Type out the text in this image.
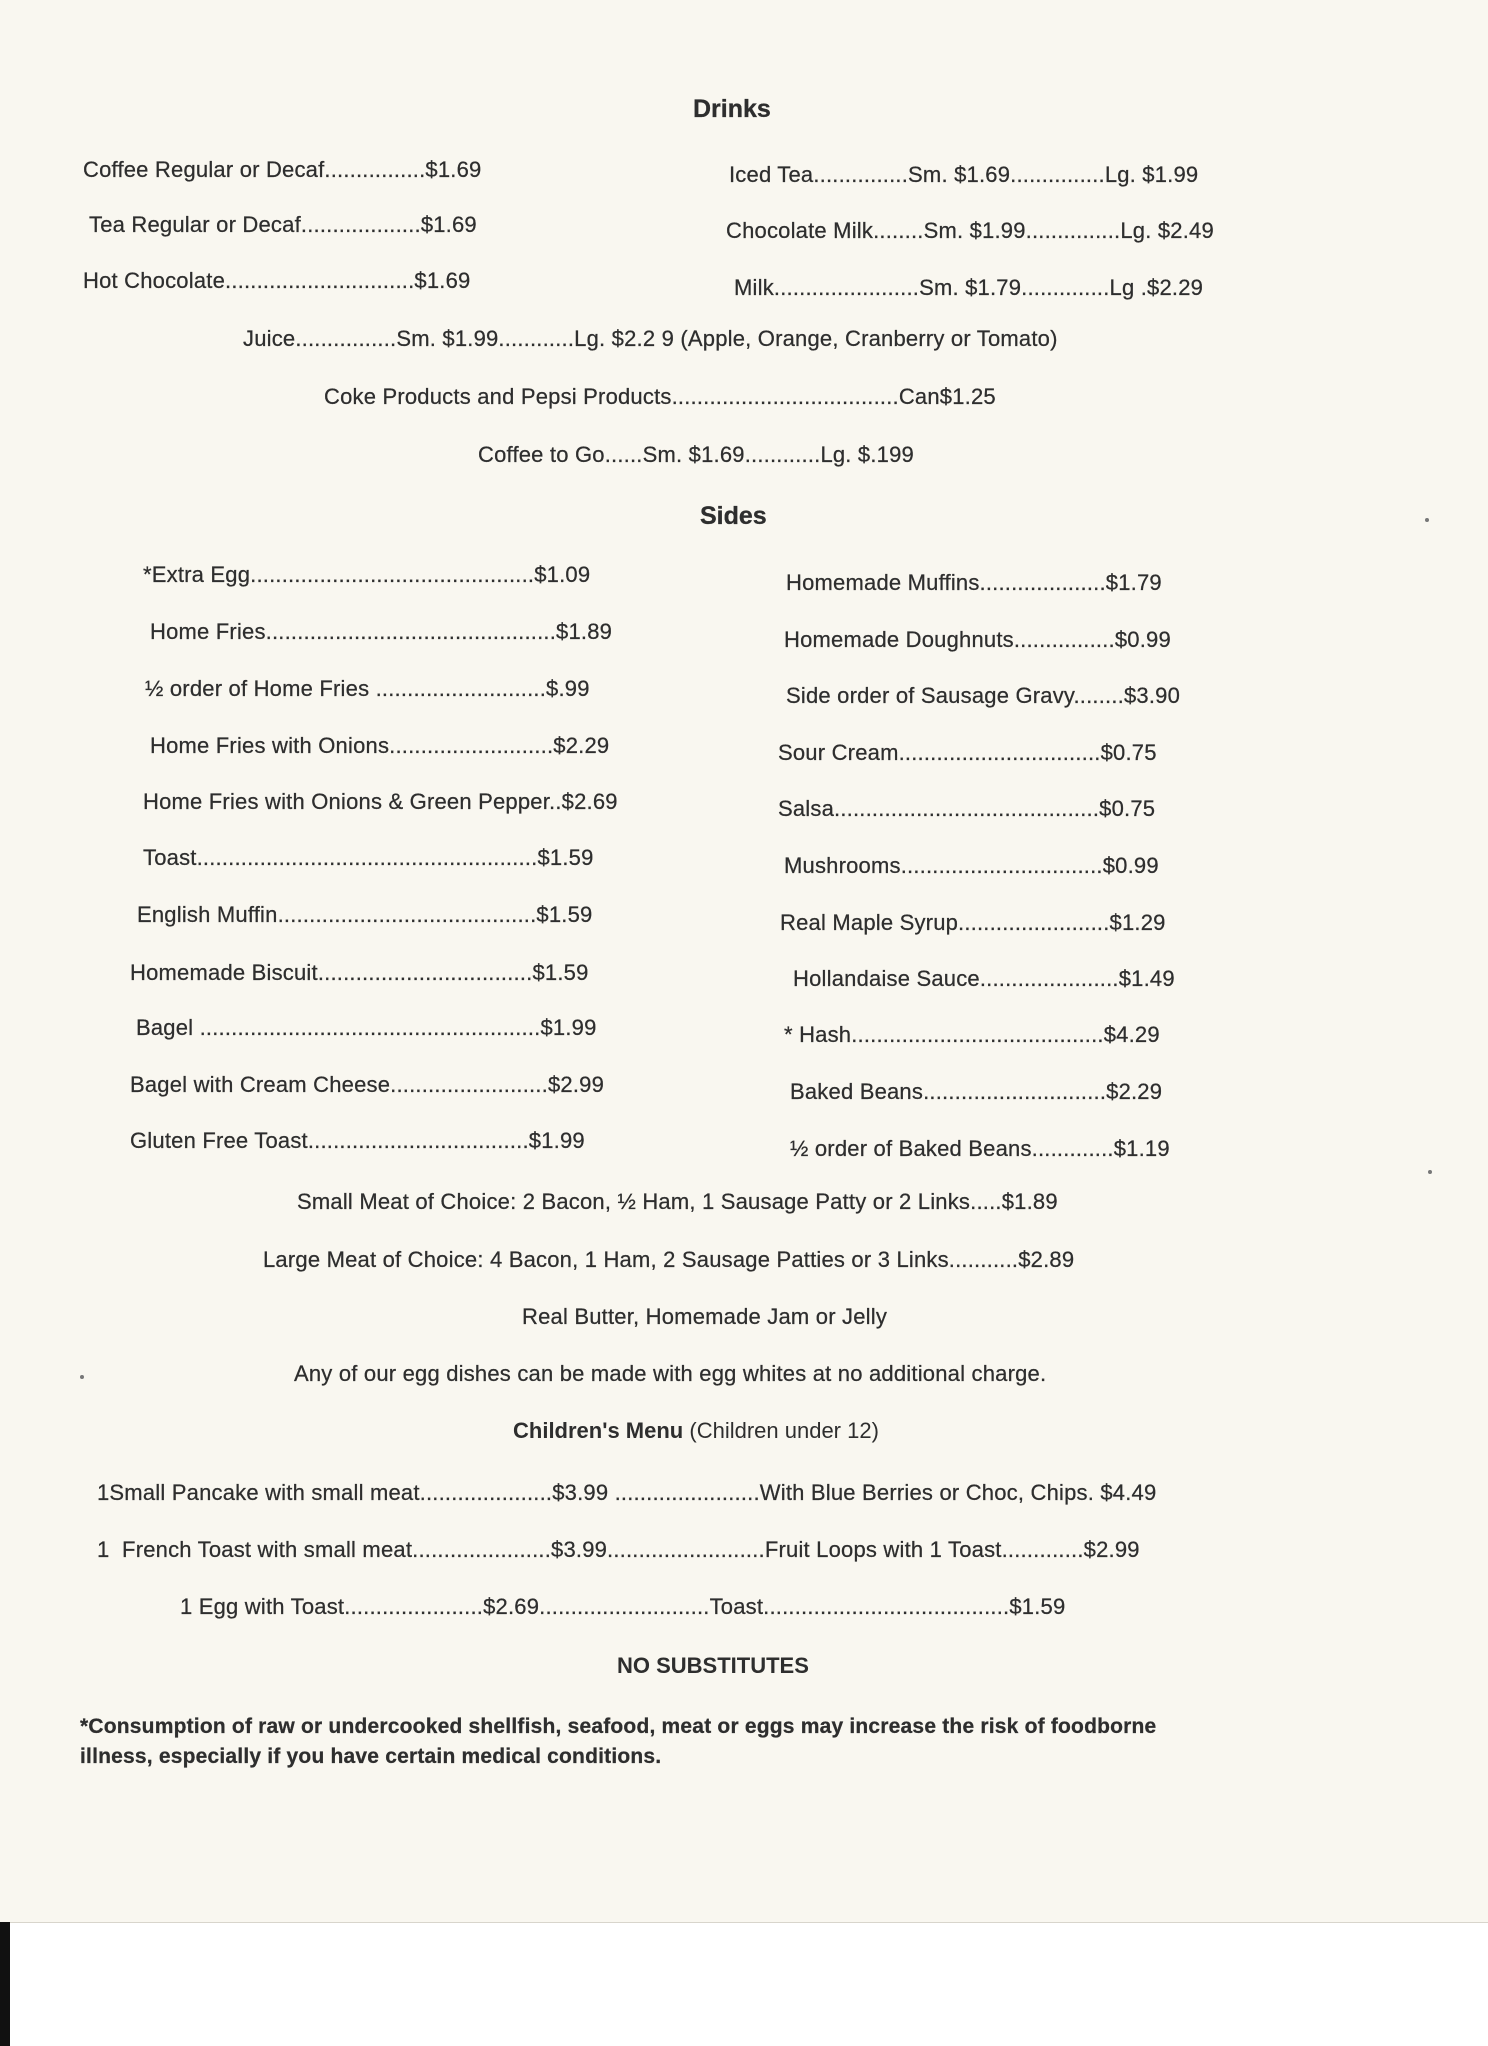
Drinks
Coffee Regular or Decaf................$1.69
Tea Regular or Decaf...................$1.69
Hot Chocolate..............................$1.69
Iced Tea...............Sm. $1.69...............Lg. $1.99
Chocolate Milk........Sm. $1.99...............Lg. $2.49
Milk.......................Sm. $1.79..............Lg .$2.29
Juice................Sm. $1.99............Lg. $2.2 9 (Apple, Orange, Cranberry or Tomato)
Coke Products and Pepsi Products....................................Can$1.25
Coffee to Go......Sm. $1.69............Lg. $.199
Sides
*Extra Egg.............................................$1.09
Home Fries..............................................$1.89
½ order of Home Fries ...........................$.99
Home Fries with Onions..........................$2.29
Home Fries with Onions & Green Pepper..$2.69
Toast......................................................$1.59
English Muffin.........................................$1.59
Homemade Biscuit..................................$1.59
Bagel ......................................................$1.99
Bagel with Cream Cheese.........................$2.99
Gluten Free Toast...................................$1.99
Homemade Muffins....................$1.79
Homemade Doughnuts................$0.99
Side order of Sausage Gravy........$3.90
Sour Cream................................$0.75
Salsa..........................................$0.75
Mushrooms................................$0.99
Real Maple Syrup........................$1.29
Hollandaise Sauce......................$1.49
* Hash........................................$4.29
Baked Beans.............................$2.29
½ order of Baked Beans.............$1.19
Small Meat of Choice: 2 Bacon, ½ Ham, 1 Sausage Patty or 2 Links.....$1.89
Large Meat of Choice: 4 Bacon, 1 Ham, 2 Sausage Patties or 3 Links...........$2.89
Real Butter, Homemade Jam or Jelly
Any of our egg dishes can be made with egg whites at no additional charge.
Children's Menu (Children under 12)
1Small Pancake with small meat.....................$3.99 .......................With Blue Berries or Choc, Chips. $4.49
1  French Toast with small meat......................$3.99.........................Fruit Loops with 1 Toast.............$2.99
1 Egg with Toast......................$2.69...........................Toast.......................................$1.59
NO SUBSTITUTES
*Consumption of raw or undercooked shellfish, seafood, meat or eggs may increase the risk of foodborne
illness, especially if you have certain medical conditions.
